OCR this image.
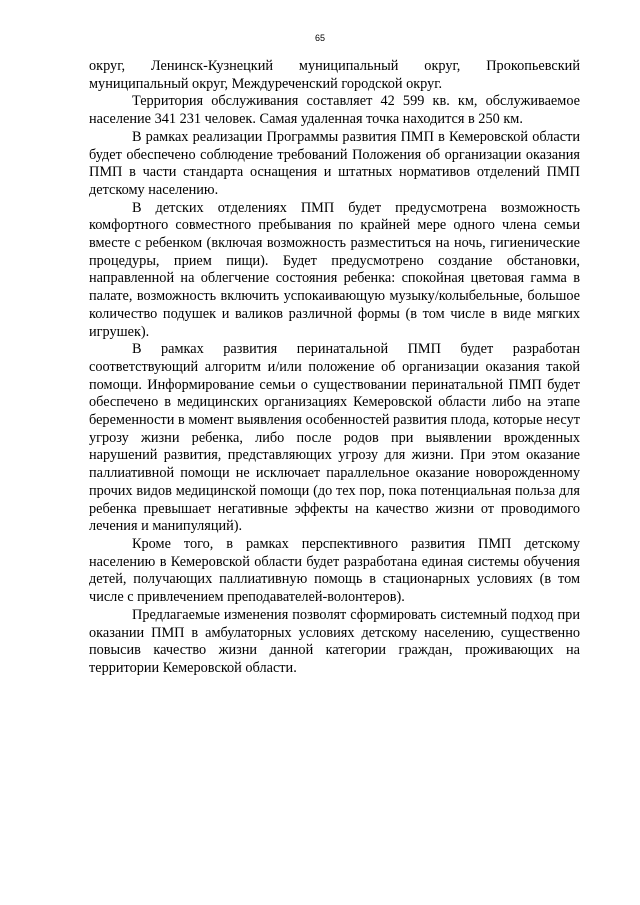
65

округ, Ленинск-Кузнецкий муниципальный округ, Прокопьевский муниципальный округ, Междуреченский городской округ.

Территория обслуживания составляет 42 599 кв. км, обслуживаемое население 341 231 человек. Самая удаленная точка находится в 250 км.

В рамках реализации Программы развития ПМП в Кемеровской области будет обеспечено соблюдение требований Положения об организации оказания ПМП в части стандарта оснащения и штатных нормативов отделений ПМП детскому населению.

В детских отделениях ПМП будет предусмотрена возможность комфортного совместного пребывания по крайней мере одного члена семьи вместе с ребенком (включая возможность разместиться на ночь, гигиенические процедуры, прием пищи). Будет предусмотрено создание обстановки, направленной на облегчение состояния ребенка: спокойная цветовая гамма в палате, возможность включить успокаивающую музыку/колыбельные, большое количество подушек и валиков различной формы (в том числе в виде мягких игрушек).

В рамках развития перинатальной ПМП будет разработан соответствующий алгоритм и/или положение об организации оказания такой помощи. Информирование семьи о существовании перинатальной ПМП будет обеспечено в медицинских организациях Кемеровской области либо на этапе беременности в момент выявления особенностей развития плода, которые несут угрозу жизни ребенка, либо после родов при выявлении врожденных нарушений развития, представляющих угрозу для жизни. При этом оказание паллиативной помощи не исключает параллельное оказание новорожденному прочих видов медицинской помощи (до тех пор, пока потенциальная польза для ребенка превышает негативные эффекты на качество жизни от проводимого лечения и манипуляций).

Кроме того, в рамках перспективного развития ПМП детскому населению в Кемеровской области будет разработана единая системы обучения детей, получающих паллиативную помощь в стационарных условиях (в том числе с привлечением преподавателей-волонтеров).

Предлагаемые изменения позволят сформировать системный подход при оказании ПМП в амбулаторных условиях детскому населению, существенно повысив качество жизни данной категории граждан, проживающих на территории Кемеровской области.
